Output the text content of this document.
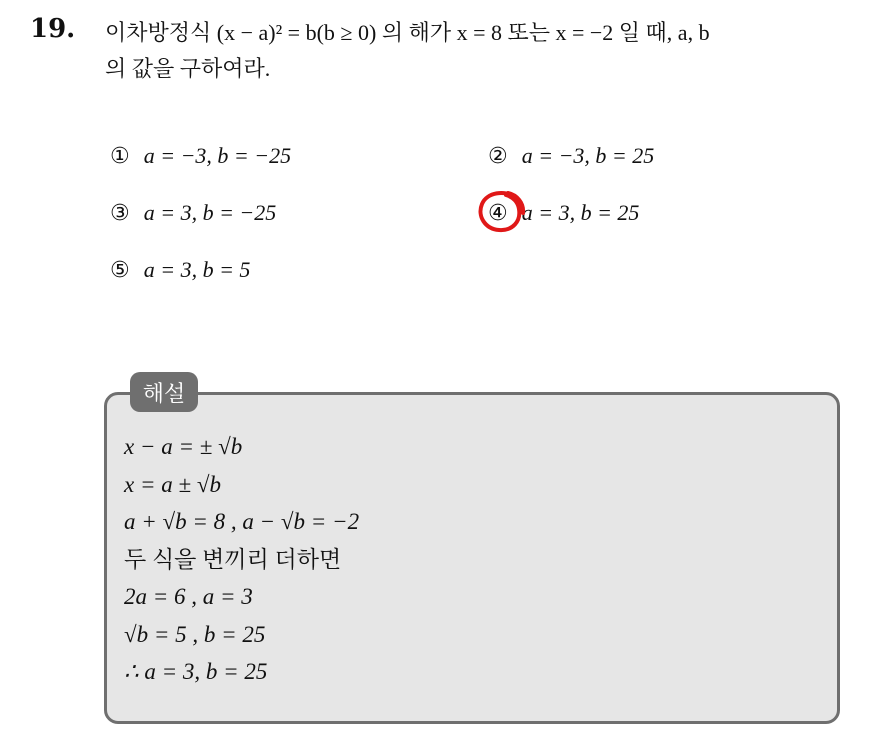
19. 이차방정식 (x − a)² = b(b ≥ 0) 의 해가 x = 8 또는 x = −2 일 때, a, b
의 값을 구하여라.
① a = −3, b = −25	② a = −3, b = 25
③ a = 3, b = −25	④ a = 3, b = 25
⑤ a = 3, b = 5
해설
x − a = ± √b
x = a ± √b
a + √b = 8 , a − √b = −2
두 식을 변끼리 더하면
2a = 6 , a = 3
√b = 5 , b = 25
∴ a = 3, b = 25
